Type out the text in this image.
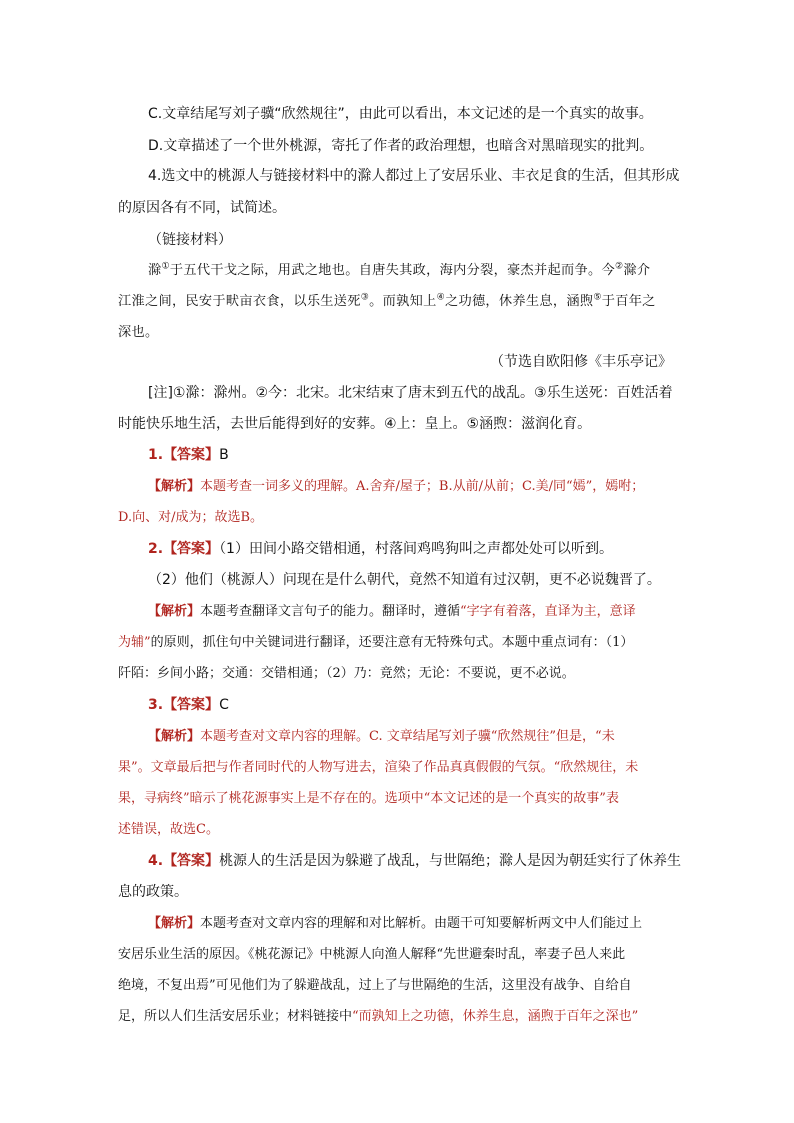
C.文章结尾写刘子骥“欣然规往”，由此可以看出，本文记述的是一个真实的故事。
D.文章描述了一个世外桃源，寄托了作者的政治理想，也暗含对黑暗现实的批判。
4.选文中的桃源人与链接材料中的滁人都过上了安居乐业、丰衣足食的生活，但其形成
的原因各有不同，试简述。
（链接材料）
滁①于五代干戈之际，用武之地也。自唐失其政，海内分裂，豪杰并起而争。今②滁介
江淮之间，民安于畎亩衣食，以乐生送死③。而孰知上④之功德，休养生息，涵煦⑤于百年之
深也。
（节选自欧阳修《丰乐亭记》
[注]①滁：滁州。②今：北宋。北宋结束了唐末到五代的战乱。③乐生送死：百姓活着
时能快乐地生活，去世后能得到好的安葬。④上：皇上。⑤涵煦：滋润化育。
1.【答案】B
【解析】本题考查一词多义的理解。A.舍弃/屋子；B.从前/从前；C.美/同“嫣”，嫣咐；
D.向、对/成为；故选B。
2.【答案】（1）田间小路交错相通，村落间鸡鸣狗叫之声都处处可以听到。
（2）他们（桃源人）问现在是什么朝代，竟然不知道有过汉朝，更不必说魏晋了。
【解析】本题考查翻译文言句子的能力。翻译时，遵循“字字有着落，直译为主，意译
为辅”的原则，抓住句中关键词进行翻译，还要注意有无特殊句式。本题中重点词有：（1）
阡陌：乡间小路；交通：交错相通；（2）乃：竟然；无论：不要说，更不必说。
3.【答案】C
【解析】本题考查对文章内容的理解。C. 文章结尾写刘子骥“欣然规往”但是，“未
果”。文章最后把与作者同时代的人物写进去，渲染了作品真真假假的气氛。“欣然规往，未
果，寻病终”暗示了桃花源事实上是不存在的。选项中“本文记述的是一个真实的故事”表
述错误，故选C。
4.【答案】桃源人的生活是因为躲避了战乱，与世隔绝；滁人是因为朝廷实行了休养生
息的政策。
【解析】本题考查对文章内容的理解和对比解析。由题干可知要解析两文中人们能过上
安居乐业生活的原因。《桃花源记》中桃源人向渔人解释“先世避秦时乱，率妻子邑人来此
绝境，不复出焉”可见他们为了躲避战乱，过上了与世隔绝的生活，这里没有战争、自给自
足，所以人们生活安居乐业；材料链接中“而孰知上之功德，休养生息，涵煦于百年之深也”
